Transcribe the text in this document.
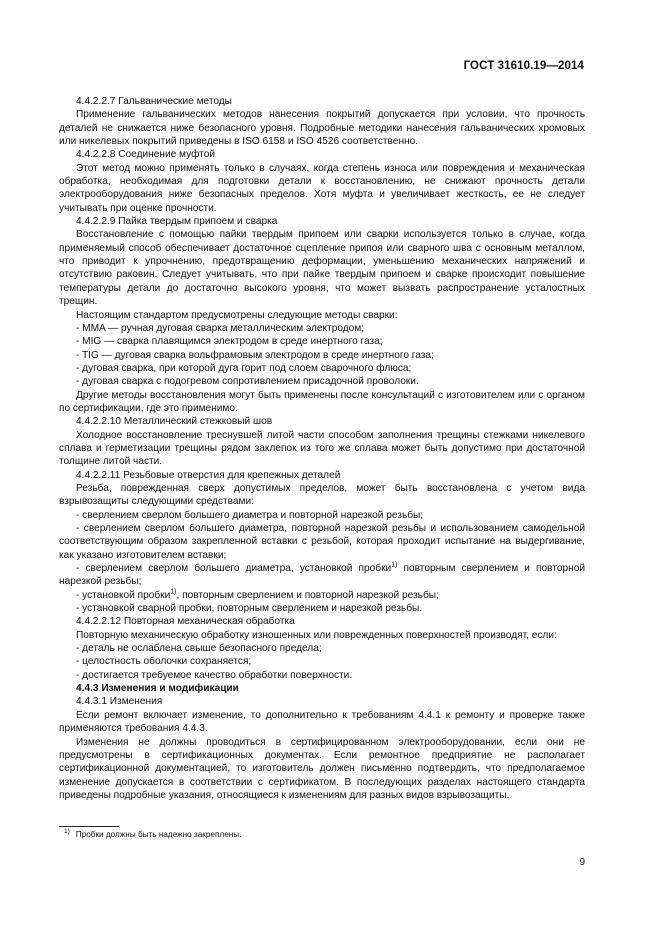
ГОСТ 31610.19—2014

4.4.2.2.7 Гальванические методы

Применение гальванических методов нанесения покрытий допускается при условии, что прочность деталей не снижается ниже безопасного уровня. Подробные методики нанесения гальванических хромовых или никелевых покрытий приведены в ISO 6158 и ISO 4526 соответственно.

4.4.2.2.8 Соединение муфтой

Этот метод можно применять только в случаях, когда степень износа или повреждения и механическая обработка, необходимая для подготовки детали к восстановлению, не снижают прочность детали электрооборудования ниже безопасных пределов. Хотя муфта и увеличивает жесткость, ее не следует учитывать при оценке прочности.

4.4.2.2.9 Пайка твердым припоем и сварка

Восстановление с помощью пайки твердым припоем или сварки используется только в случае, когда применяемый способ обеспечивает достаточное сцепление припоя или сварного шва с основным металлом, что приводит к упрочнению, предотвращению деформации, уменьшению механических напряжений и отсутствию раковин. Следует учитывать, что при пайке твердым припоем и сварке происходит повышение температуры детали до достаточно высокого уровня, что может вызвать распространение усталостных трещин.

Настоящим стандартом предусмотрены следующие методы сварки:

- MMA — ручная дуговая сварка металлическим электродом;

- MIG — сварка плавящимся электродом в среде инертного газа;

- TIG — дуговая сварка вольфрамовым электродом в среде инертного газа;

- дуговая сварка, при которой дуга горит под слоем сварочного флюса;

- дуговая сварка с подогревом сопротивлением присадочной проволоки.

Другие методы восстановления могут быть применены после консультаций с изготовителем или с органом по сертификации, где это применимо.

4.4.2.2.10 Металлический стежковый шов

Холодное восстановление треснувшей литой части способом заполнения трещины стежками никелевого сплава и герметизации трещины рядом заклепок из того же сплава может быть допустимо при достаточной толщине литой части.

4.4.2.2.11 Резьбовые отверстия для крепежных деталей

Резьба, поврежденная сверх допустимых пределов, может быть восстановлена с учетом вида взрывозащиты следующими средствами:

- сверлением сверлом большего диаметра и повторной нарезкой резьбы;

- сверлением сверлом большего диаметра, повторной нарезкой резьбы и использованием самодельной соответствующим образом закрепленной вставки с резьбой, которая проходит испытание на выдергивание, как указано изготовителем вставки;

- сверлением сверлом большего диаметра, установкой пробки$^{1)}$ повторным сверлением и повторной нарезкой резьбы;

- установкой пробки$^{1)}$, повторным сверлением и повторной нарезкой резьбы;

- установкой сварной пробки, повторным сверлением и нарезкой резьбы.

4.4.2.2.12 Повторная механическая обработка

Повторную механическую обработку изношенных или поврежденных поверхностей производят, если:

- деталь не ослаблена свыше безопасного предела;

- целостность оболочки сохраняется;

- достигается требуемое качество обработки поверхности.

4.4.3 Изменения и модификации

4.4.3.1 Изменения

Если ремонт включает изменение, то дополнительно к требованиям 4.4.1 к ремонту и проверке также применяются требования 4.4.3.

Изменения не должны проводиться в сертифицированном электрооборудовании, если они не предусмотрены в сертификационных документах. Если ремонтное предприятие не располагает сертификационной документацией, то изготовитель должен письменно подтвердить, что предполагаемое изменение допускается в соответствии с сертификатом. В последующих разделах настоящего стандарта приведены подробные указания, относящиеся к изменениям для разных видов взрывозащиты.

$^{1)}$ Пробки должны быть надежно закреплены.
9
